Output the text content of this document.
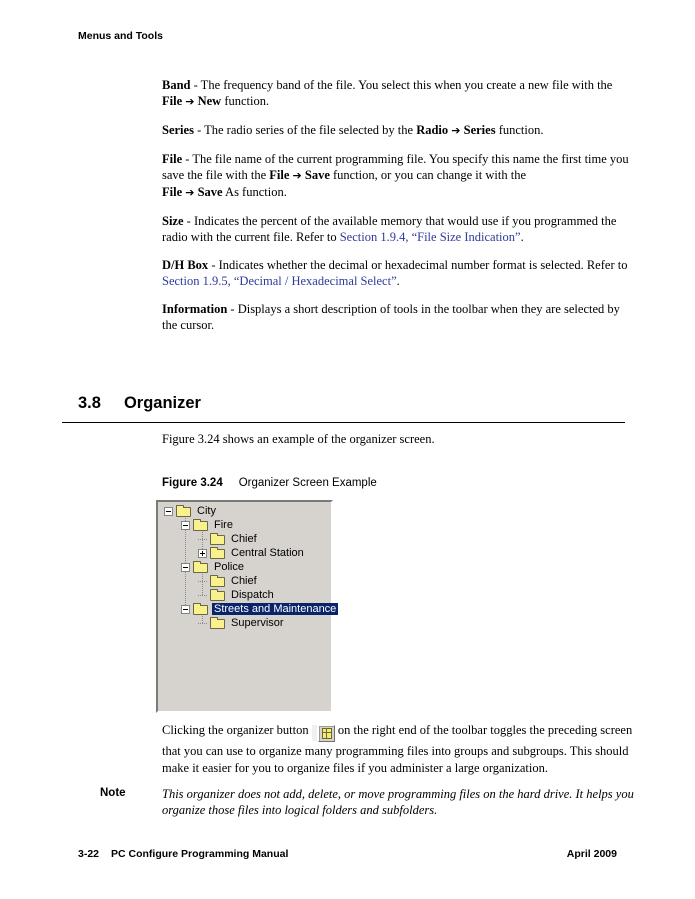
Menus and Tools

Band - The frequency band of the file. You select this when you create a new file with the File ➔ New function.

Series - The radio series of the file selected by the Radio ➔ Series function.

File - The file name of the current programming file. You specify this name the first time you save the file with the File ➔ Save function, or you can change it with the
File ➔ Save As function.

Size - Indicates the percent of the available memory that would use if you programmed the radio with the current file. Refer to Section 1.9.4, “File Size Indication”.

D/H Box - Indicates whether the decimal or hexadecimal number format is selected. Refer to Section 1.9.5, “Decimal / Hexadecimal Select”.

Information - Displays a short description of tools in the toolbar when they are selected by the cursor.

3.8 Organizer
Figure 3.24 shows an example of the organizer screen.
Figure 3.24 Organizer Screen Example
City
Fire
Chief
Central Station
Police
Chief
Dispatch
Streets and Maintenance
Supervisor

Clicking the organizer button
on the right end of the toolbar toggles the preceding screen that you can use to organize many programming files into groups and subgroups. This should make it easier for you to organize files if you administer a large organization.

Note	This organizer does not add, delete, or move programming files on the hard drive. It helps you organize those files into logical folders and subfolders.
3-22 PC Configure Programming Manual	April 2009
